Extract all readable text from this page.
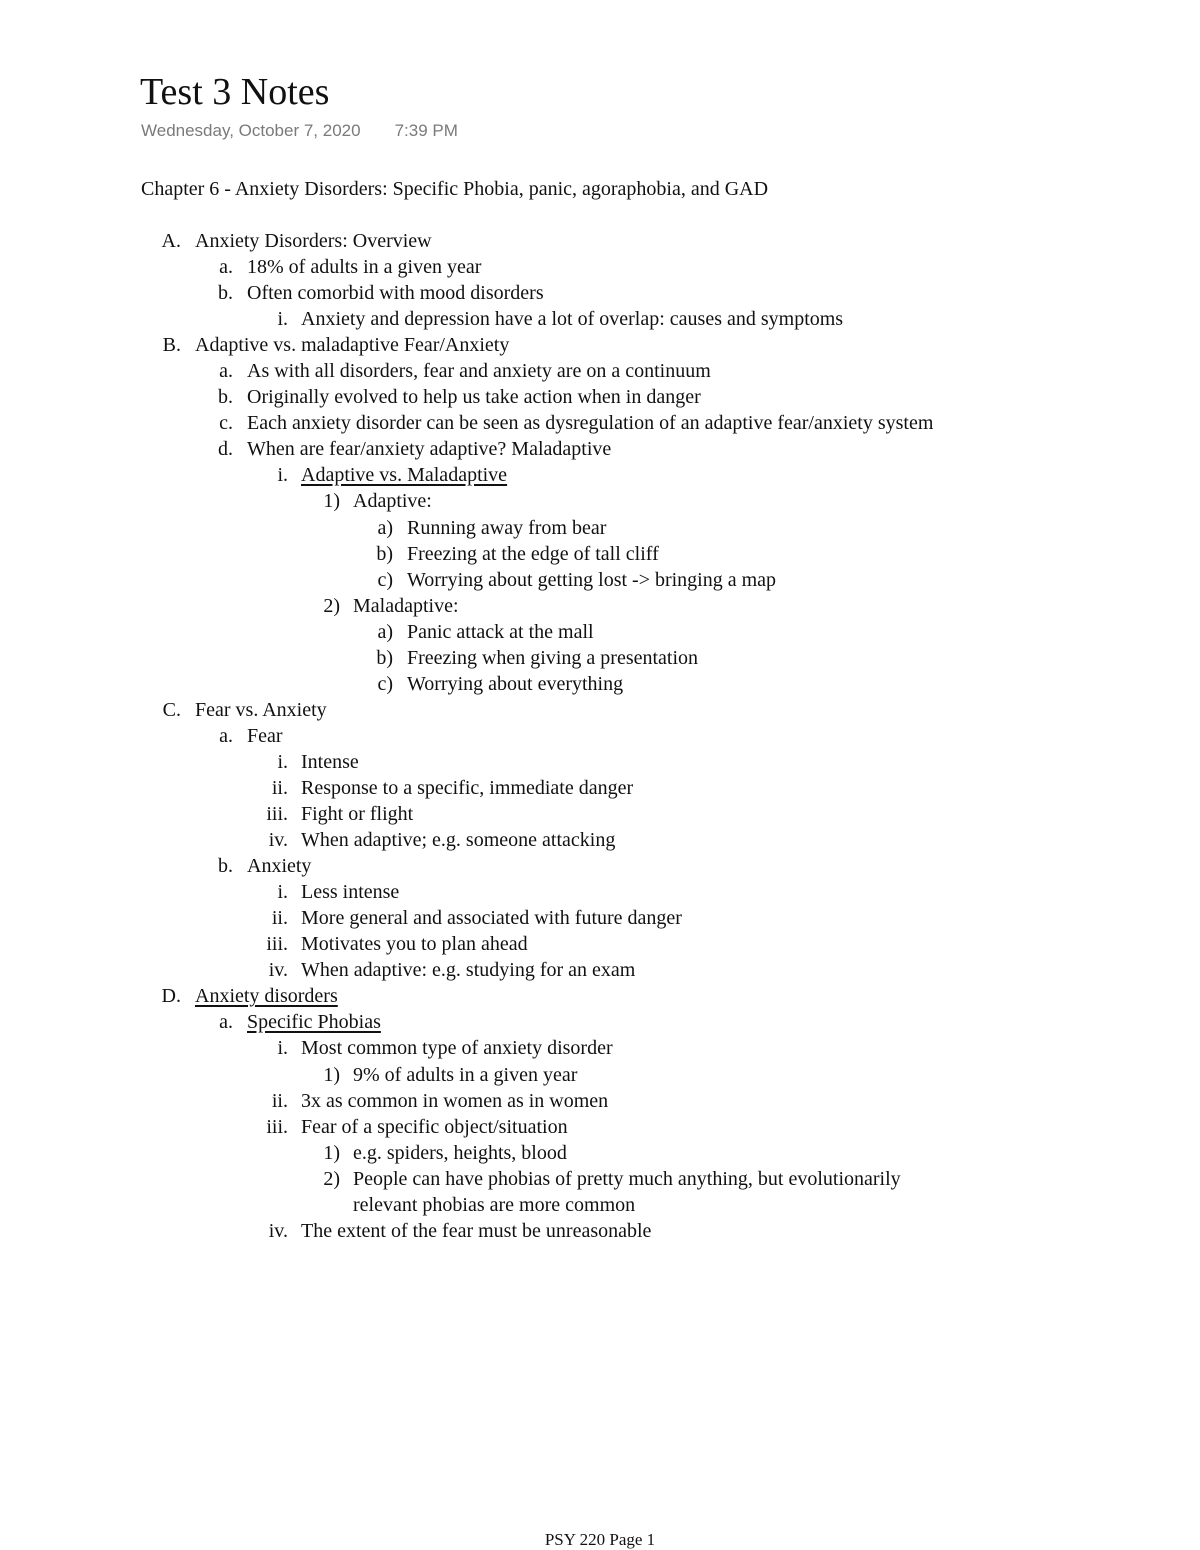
Test 3 Notes
Wednesday, October 7, 2020 7:39 PM
Chapter 6 - Anxiety Disorders: Specific Phobia, panic, agoraphobia, and GAD
A. Anxiety Disorders: Overview
a. 18% of adults in a given year
b. Often comorbid with mood disorders
i. Anxiety and depression have a lot of overlap: causes and symptoms
B. Adaptive vs. maladaptive Fear/Anxiety
a. As with all disorders, fear and anxiety are on a continuum
b. Originally evolved to help us take action when in danger
c. Each anxiety disorder can be seen as dysregulation of an adaptive fear/anxiety system
d. When are fear/anxiety adaptive? Maladaptive
i. Adaptive vs. Maladaptive
1) Adaptive:
a) Running away from bear
b) Freezing at the edge of tall cliff
c) Worrying about getting lost -> bringing a map
2) Maladaptive:
a) Panic attack at the mall
b) Freezing when giving a presentation
c) Worrying about everything
C. Fear vs. Anxiety
a. Fear
i. Intense
ii. Response to a specific, immediate danger
iii. Fight or flight
iv. When adaptive; e.g. someone attacking
b. Anxiety
i. Less intense
ii. More general and associated with future danger
iii. Motivates you to plan ahead
iv. When adaptive: e.g. studying for an exam
D. Anxiety disorders
a. Specific Phobias
i. Most common type of anxiety disorder
1) 9% of adults in a given year
ii. 3x as common in women as in women
iii. Fear of a specific object/situation
1) e.g. spiders, heights, blood
2) People can have phobias of pretty much anything, but evolutionarily
relevant phobias are more common
iv. The extent of the fear must be unreasonable
PSY 220 Page 1
